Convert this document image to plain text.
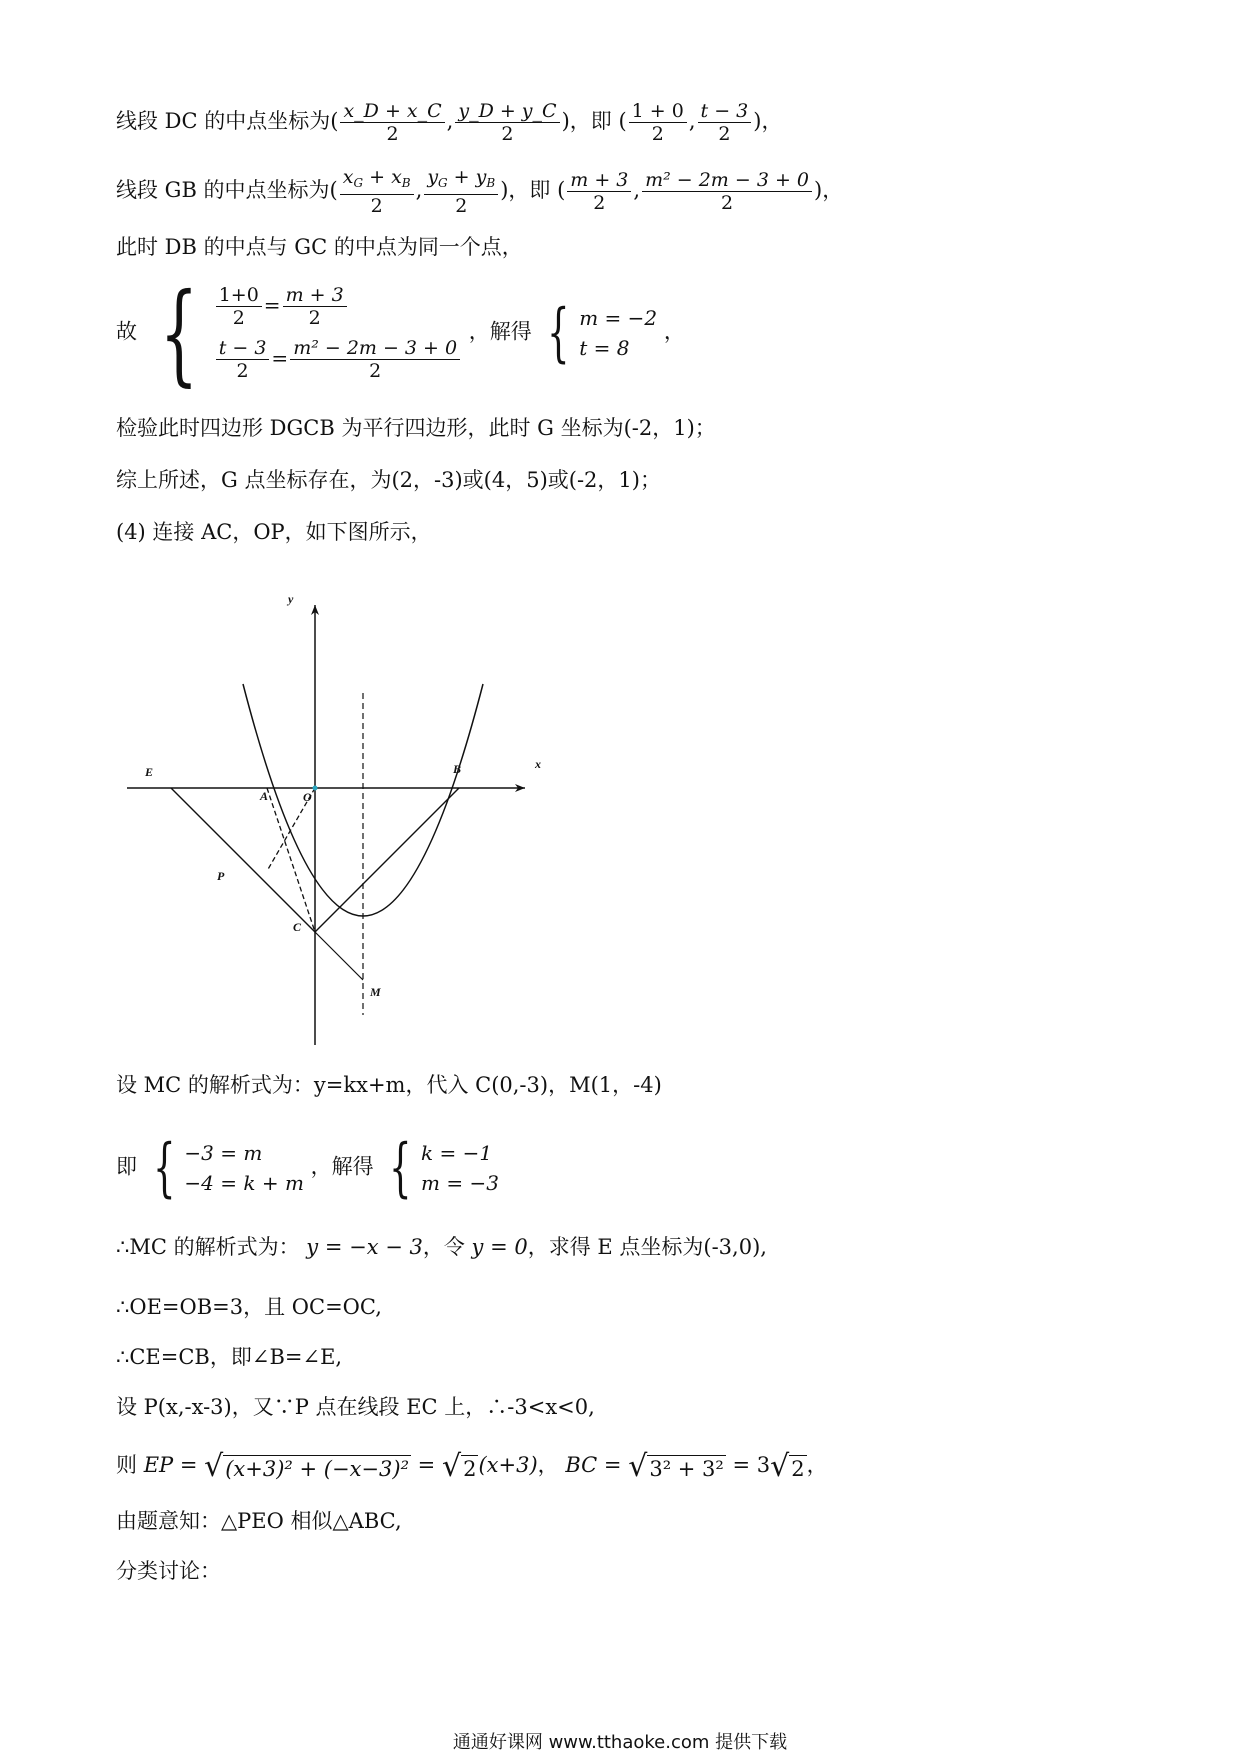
线段 DC 的中点坐标为( $\frac{x\_D + x\_C}{2}$ , $\frac{y\_D + y\_C}{2}$ )，即 ( $\frac{1 + 0}{2}$ , $\frac{t - 3}{2}$ )，
线段 GB 的中点坐标为( $\frac{x_G + x_B}{2}$ , $\frac{y_G + y_B}{2}$ )，即 ( $\frac{m + 3}{2}$ , $\frac{\text{m² − 2m − 3 + 0}}{2}$ )，
此时 DB 的中点与 GC 的中点为同一个点，
故 { $\frac{1+0}{2} = \frac{m + 3}{2}$
$\frac{t - 3}{2} = \frac{\text{m² − 2m − 3 + 0}}{2}$
，解得 { m = −2
t = 8
，
检验此时四边形 DGCB 为平行四边形，此时 G 坐标为(-2，1)；
综上所述，G 点坐标存在，为(2，-3)或(4，5)或(-2，1)；
(4) 连接 AC，OP，如下图所示，
y
x
E
O
B
A
P
C
M
设 MC 的解析式为：y=kx+m，代入 C(0,-3)，M(1，-4)
即 { −3 = m
−4 = k + m
，解得 { k = −1
m = −3
∴MC 的解析式为： y = −x − 3，令 y = 0，求得 E 点坐标为(-3,0),
∴OE=OB=3，且 OC=OC,
∴CE=CB，即∠B=∠E,
设 P(x,-x-3)，又∵P 点在线段 EC 上，∴-3<x<0,
则 EP = √ (x+3)² + (−x−3)² = √ 2 (x+3)， BC = √ 3² + 3² = 3 √ 2 ，
由题意知：△PEO 相似△ABC,
分类讨论：
通通好课网 www.tthaoke.com 提供下载
